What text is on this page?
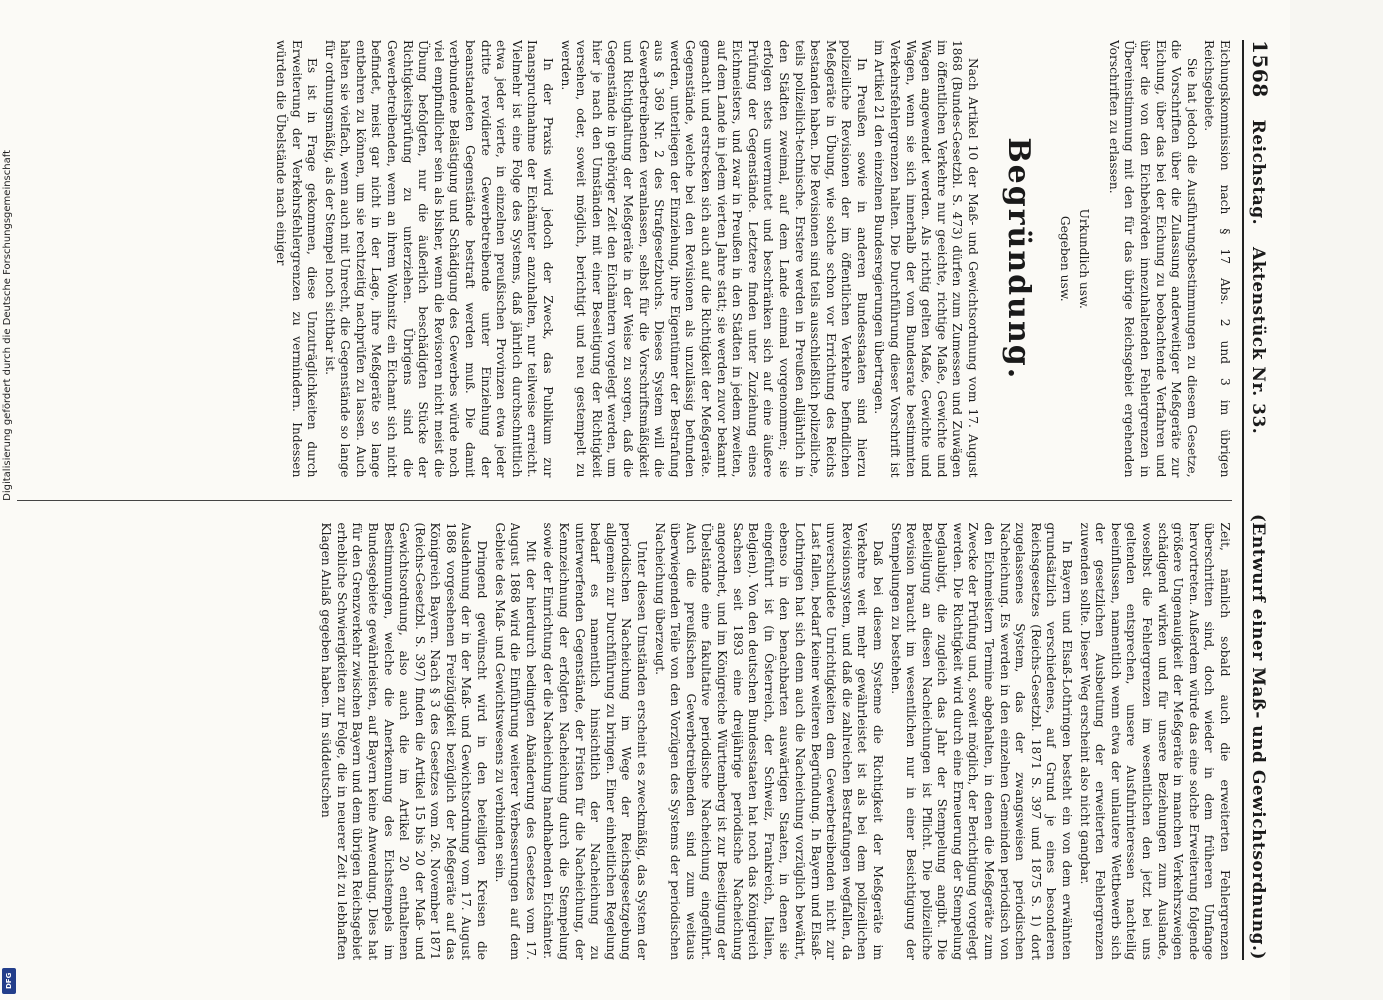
1568
Reichstag.
Aktenstück Nr. 33.
(Entwurf einer Maß- und Gewichtsordnung.)

Eichungskommission nach § 17 Abs. 2 und 3 im übrigen Reichsgebiete.

Sie hat jedoch die Ausführungsbestimmungen zu diesem Gesetze, die Vorschriften über die Zulassung anderweitiger Meßgeräte zur Eichung, über das bei der Eichung zu beobachtende Verfahren und über die von den Eichbehörden innezuhaltenden Fehlergrenzen in Übereinstimmung mit den für das übrige Reichsgebiet ergehenden Vorschriften zu erlassen.

Urkundlich usw.

Gegeben usw.

Begründung.

Nach Artikel 10 der Maß- und Gewichtsordnung vom 17. August 1868 (Bundes-Gesetzbl. S. 473) dürfen zum Zumessen und Zuwägen im öffentlichen Verkehre nur geeichte, richtige Maße, Gewichte und Wagen angewendet werden. Als richtig gelten Maße, Gewichte und Wagen, wenn sie sich innerhalb der vom Bundesrate bestimmten Verkehrsfehlergrenzen halten. Die Durchführung dieser Vorschrift ist im Artikel 21 den einzelnen Bundesregierungen übertragen.

In Preußen sowie in anderen Bundesstaaten sind hierzu polizeiliche Revisionen der im öffentlichen Verkehre befindlichen Meßgeräte in Übung, wie solche schon vor Errichtung des Reichs bestanden haben. Die Revisionen sind teils ausschließlich polizeiliche, teils polizeilich-technische. Erstere werden in Preußen alljährlich in den Städten zweimal, auf dem Lande einmal vorgenommen; sie erfolgen stets unvermutet und beschränken sich auf eine äußere Prüfung der Gegenstände. Letztere finden unter Zuziehung eines Eichmeisters, und zwar in Preußen in den Städten in jedem zweiten, auf dem Lande in jedem vierten Jahre statt; sie werden zuvor bekannt gemacht und erstrecken sich auch auf die Richtigkeit der Meßgeräte. Gegenstände, welche bei den Revisionen als unzulässig befunden werden, unterliegen der Einziehung, ihre Eigentümer der Bestrafung aus § 369 Nr. 2 des Strafgesetzbuchs. Dieses System will die Gewerbetreibenden veranlassen, selbst für die Vorschriftsmäßigkeit und Richtighaltung der Meßgeräte in der Weise zu sorgen, daß die Gegenstände in gehöriger Zeit den Eichämtern vorgelegt werden, um hier je nach den Umständen mit einer Beseitigung der Richtigkeit versehen, oder, soweit möglich, berichtigt und neu gestempelt zu werden.

In der Praxis wird jedoch der Zweck, das Publikum zur Inanspruchnahme der Eichämter anzuhalten, nur teilweise erreicht. Vielmehr ist eine Folge des Systems, daß jährlich durchschnittlich etwa jeder vierte, in einzelnen preußischen Provinzen etwa jeder dritte revidierte Gewerbetreibende unter Einziehung der beanstandeten Gegenstände bestraft werden muß. Die damit verbundene Belästigung und Schädigung des Gewerbes würde noch viel empfindlicher sein als bisher, wenn die Revisoren nicht meist die Übung befolgten, nur die äußerlich beschädigten Stücke der Richtigkeitsprüfung zu unterziehen. Übrigens sind die Gewerbetreibenden, wenn an ihrem Wohnsitz ein Eichamt sich nicht befindet, meist gar nicht in der Lage, ihre Meßgeräte so lange entbehren zu können, um sie rechtzeitig nachprüfen zu lassen. Auch halten sie vielfach, wenn auch mit Unrecht, die Gegenstände so lange für ordnungsmäßig, als der Stempel noch sichtbar ist.

Es ist in Frage gekommen, diese Unzuträglichkeiten durch Erweiterung der Verkehrsfehlergrenzen zu vermindern. Indessen würden die Übelstände nach einiger

Zeit, nämlich sobald auch die erweiterten Fehlergrenzen überschritten sind, doch wieder in dem früheren Umfange hervortreten. Außerdem würde das eine solche Erweiterung folgende größere Ungenauigkeit der Meßgeräte in manchen Verkehrszweigen schädigend wirken und für unsere Beziehungen zum Auslande, woselbst die Fehlergrenzen im wesentlichen den jetzt bei uns geltenden entsprechen, unsere Ausfuhrinteressen nachteilig beeinflussen, namentlich wenn etwa der unlautere Wettbewerb sich der gesetzlichen Ausbeutung der erweiterten Fehlergrenzen zuwenden sollte. Dieser Weg erscheint also nicht gangbar.

In Bayern und Elsaß-Lothringen besteht ein von dem erwähnten grundsätzlich verschiedenes, auf Grund je eines besonderen Reichsgesetzes (Reichs-Gesetzbl. 1871 S. 397 und 1875 S. 1) dort zugelassenes System, das der zwangsweisen periodischen Nacheichung. Es werden in den einzelnen Gemeinden periodisch von den Eichmeistern Termine abgehalten, in denen die Meßgeräte zum Zwecke der Prüfung und, soweit möglich, der Berichtigung vorgelegt werden. Die Richtigkeit wird durch eine Erneuerung der Stempelung beglaubigt, die zugleich das Jahr der Stempelung angibt. Die Beteiligung an diesen Nacheichungen ist Pflicht. Die polizeiliche Revision braucht im wesentlichen nur in einer Besichtigung der Stempelungen zu bestehen.

Daß bei diesem Systeme die Richtigkeit der Meßgeräte im Verkehre weit mehr gewährleistet ist als bei dem polizeilichen Revisionssystem, und daß die zahlreichen Bestrafungen wegfallen, da unverschuldete Unrichtigkeiten dem Gewerbetreibenden nicht zur Last fallen, bedarf keiner weiteren Begründung. In Bayern und Elsaß-Lothringen hat sich denn auch die Nacheichung vorzüglich bewährt, ebenso in den benachbarten auswärtigen Staaten, in denen sie eingeführt ist (in Österreich, der Schweiz, Frankreich, Italien, Belgien). Von den deutschen Bundesstaaten hat noch das Königreich Sachsen seit 1893 eine dreijährige periodische Nacheichung angeordnet, und im Königreiche Württemberg ist zur Beseitigung der Übelstände eine fakultative periodische Nacheichung eingeführt. Auch die preußischen Gewerbetreibenden sind zum weitaus überwiegenden Teile von den Vorzügen des Systems der periodischen Nacheichung überzeugt.

Unter diesen Umständen erscheint es zweckmäßig, das System der periodischen Nacheichung im Wege der Reichsgesetzgebung allgemein zur Durchführung zu bringen. Einer einheitlichen Regelung bedarf es namentlich hinsichtlich der Nacheichung zu unterwerfenden Gegenstände, der Fristen für die Nacheichung, der Kennzeichnung der erfolgten Nacheichung durch die Stempelung sowie der Einrichtung der die Nacheichung handhabenden Eichämter.

Mit der hierdurch bedingten Abänderung des Gesetzes vom 17. August 1868 wird die Einführung weiterer Verbesserungen auf dem Gebiete des Maß- und Gewichtswesens zu verbinden sein.

Dringend gewünscht wird in den beteiligten Kreisen die Ausdehnung der in der Maß- und Gewichtsordnung vom 17. August 1868 vorgesehenen Freizügigkeit bezüglich der Meßgeräte auf das Königreich Bayern. Nach § 3 des Gesetzes vom 26. November 1871 (Reichs-Gesetzbl. S. 397) finden die Artikel 15 bis 20 der Maß- und Gewichtsordnung, also auch die im Artikel 20 enthaltenen Bestimmungen, welche die Anerkennung des Eichstempels im Bundesgebiete gewährleisten, auf Bayern keine Anwendung. Dies hat für den Grenzverkehr zwischen Bayern und dem übrigen Reichsgebiet erhebliche Schwierigkeiten zur Folge, die in neuerer Zeit zu lebhaften Klagen Anlaß gegeben haben. Im süddeutschen

Digitalisierung gefördert durch die Deutsche Forschungsgemeinschaft
DFG
